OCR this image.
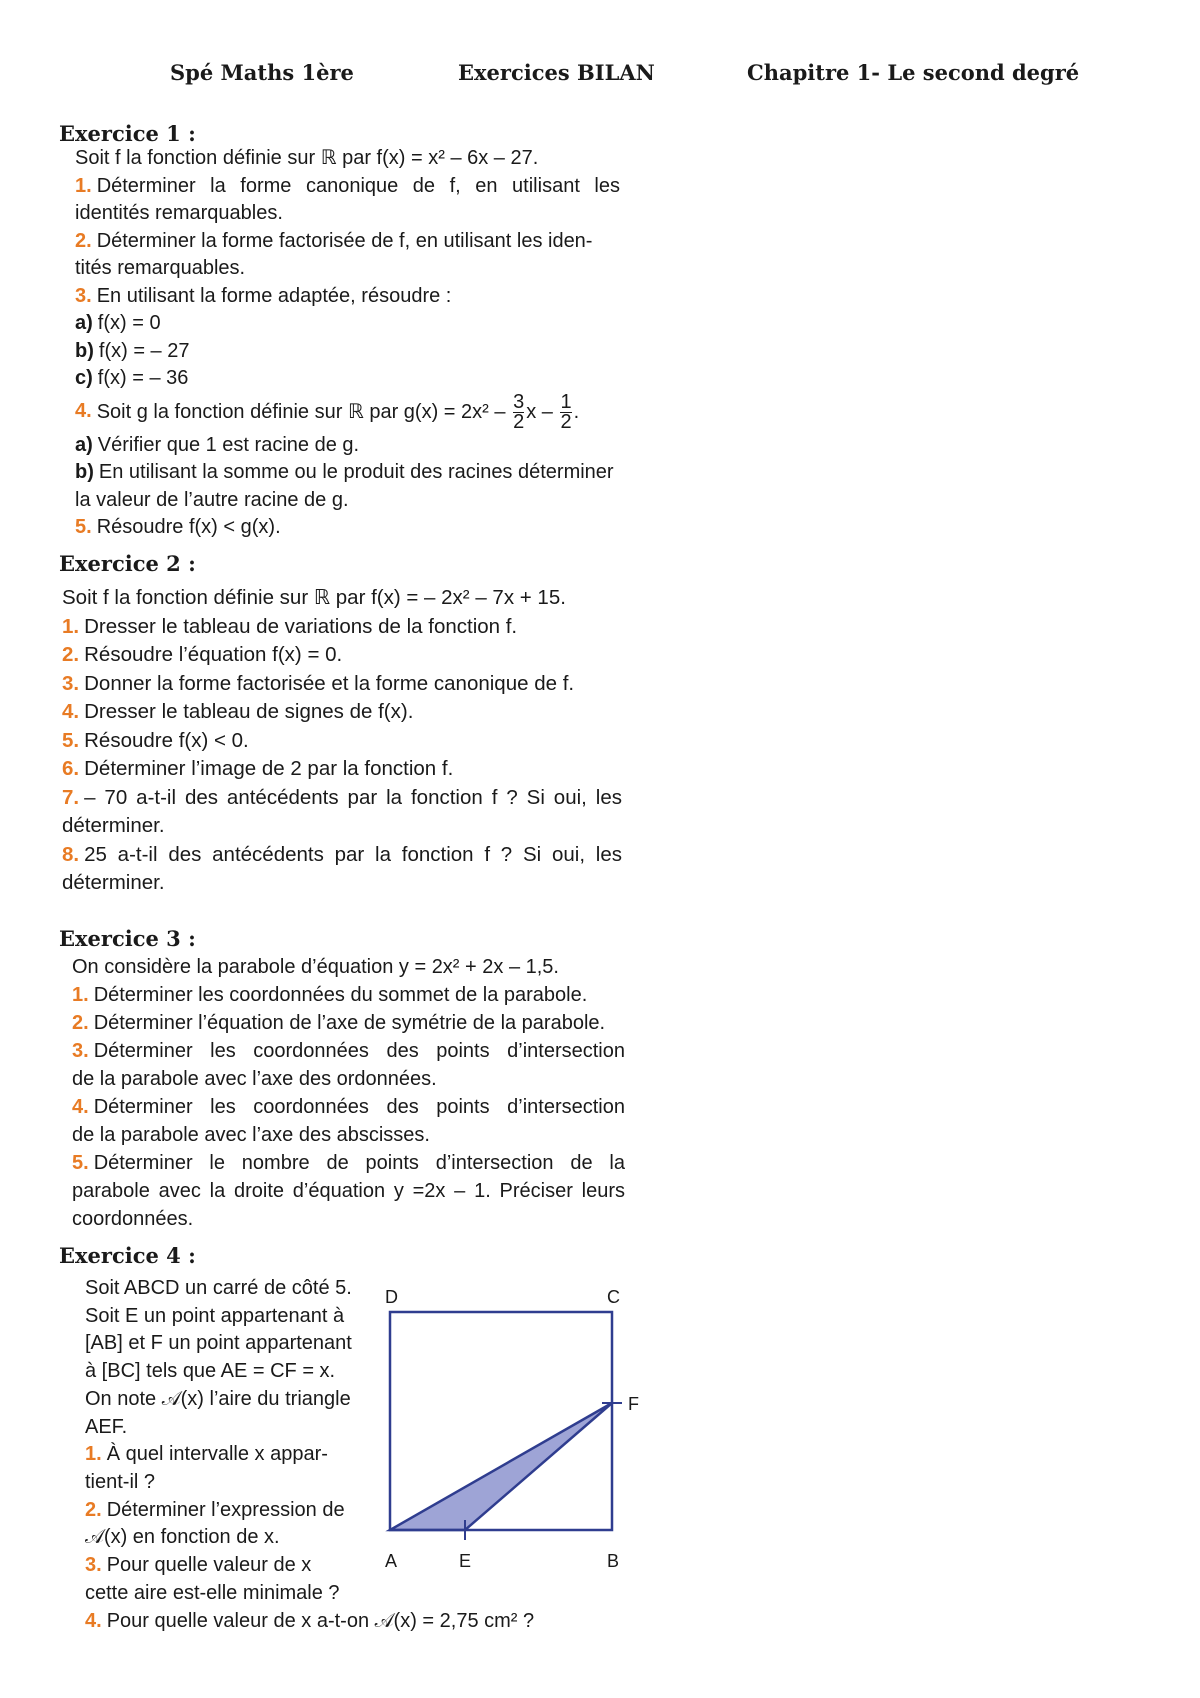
Spé Maths 1ère	Exercices BILAN	Chapitre 1- Le second degré
Exercice 1 :
Soit f la fonction définie sur ℝ par f(x) = x² – 6x – 27.
1. Déterminer la forme canonique de f, en utilisant les
identités remarquables.
2. Déterminer la forme factorisée de f, en utilisant les iden-
tités remarquables.
3. En utilisant la forme adaptée, résoudre :
a) f(x) = 0
b) f(x) = – 27
c) f(x) = – 36
4. Soit g la fonction définie sur ℝ par $g(x) = 2x^2 - \frac{3}{2}$ x – $\frac{1}{2}$ .
a) Vérifier que 1 est racine de g.
b) En utilisant la somme ou le produit des racines déterminer
la valeur de l’autre racine de g.
5. Résoudre f(x) < g(x).
Exercice 2 :
Soit f la fonction définie sur ℝ par f(x) = – 2x² – 7x + 15.
1. Dresser le tableau de variations de la fonction f.
2. Résoudre l’équation f(x) = 0.
3. Donner la forme factorisée et la forme canonique de f.
4. Dresser le tableau de signes de f(x).
5. Résoudre f(x) < 0.
6. Déterminer l’image de 2 par la fonction f.
7. – 70 a-t-il des antécédents par la fonction f ? Si oui, les
déterminer.
8. 25 a-t-il des antécédents par la fonction f ? Si oui, les
déterminer.
Exercice 3 :
On considère la parabole d’équation y = 2x² + 2x – 1,5.
1. Déterminer les coordonnées du sommet de la parabole.
2. Déterminer l’équation de l’axe de symétrie de la parabole.
3. Déterminer les coordonnées des points d’intersection
de la parabole avec l’axe des ordonnées.
4. Déterminer les coordonnées des points d’intersection
de la parabole avec l’axe des abscisses.
5. Déterminer le nombre de points d’intersection de la
parabole avec la droite d’équation y =2x – 1. Préciser leurs
coordonnées.
Exercice 4 :
Soit ABCD un carré de côté 5.
Soit E un point appartenant à
[AB] et F un point appartenant
à [BC] tels que AE = CF = x.
On note 𝒜(x) l’aire du triangle
AEF.
1. À quel intervalle x appar-
tient-il ?
2. Déterminer l’expression de
𝒜(x) en fonction de x.
3. Pour quelle valeur de x
cette aire est-elle minimale ?
4. Pour quelle valeur de x a-t-on 𝒜(x) = 2,75 cm² ?
D	C
F
A	E	B
